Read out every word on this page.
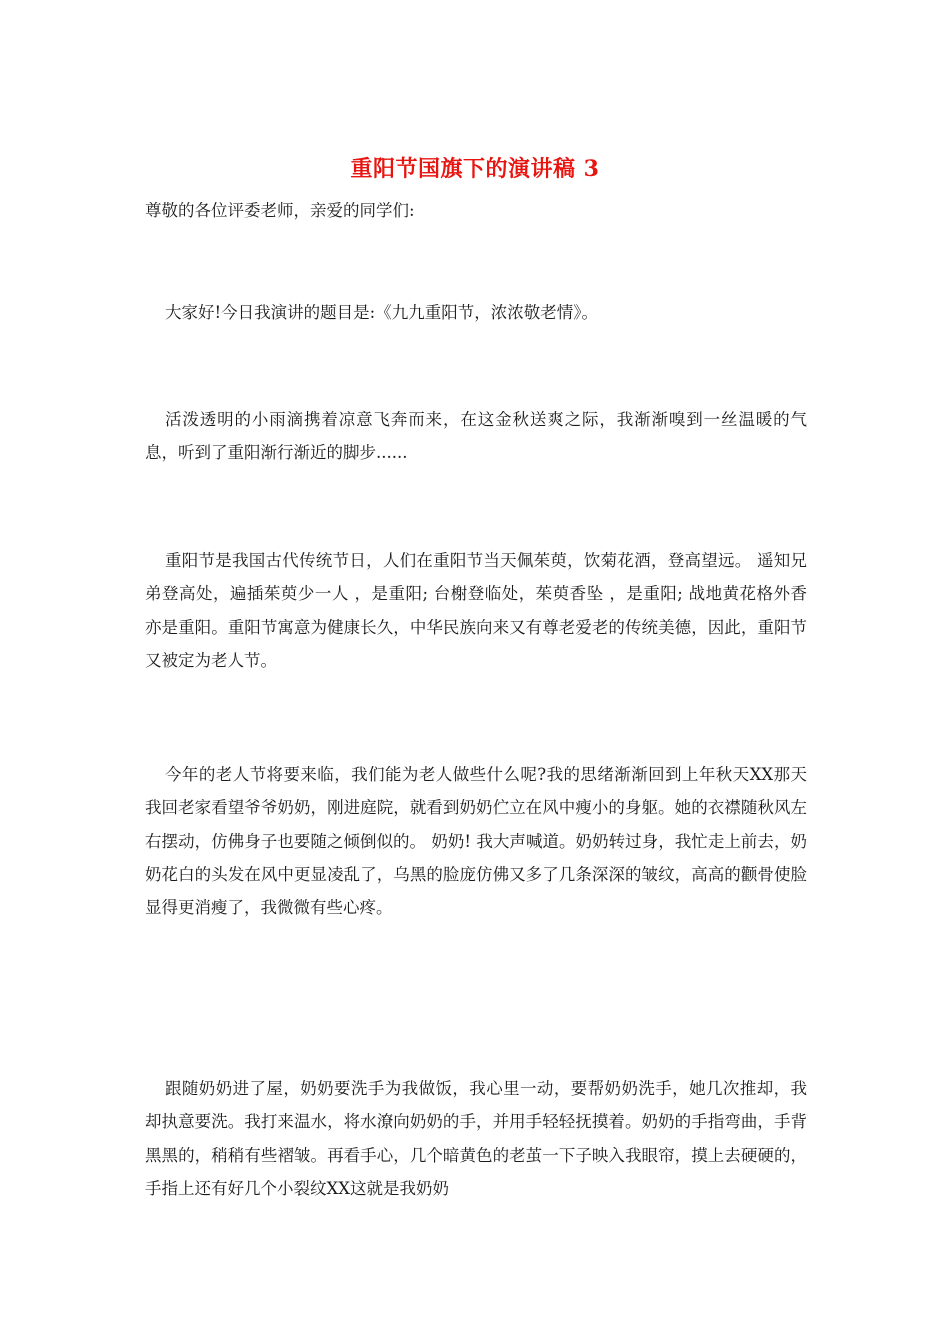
重阳节国旗下的演讲稿 3
尊敬的各位评委老师，亲爱的同学们:

大家好!今日我演讲的题目是:《九九重阳节，浓浓敬老情》。

活泼透明的小雨滴携着凉意飞奔而来，在这金秋送爽之际，我渐渐嗅到一丝温暖的气息，听到了重阳渐行渐近的脚步......

重阳节是我国古代传统节日，人们在重阳节当天佩茱萸，饮菊花酒，登高望远。 遥知兄弟登高处，遍插茱萸少一人 ，是重阳; 台榭登临处，茱萸香坠 ，是重阳; 战地黄花格外香 亦是重阳。重阳节寓意为健康长久，中华民族向来又有尊老爱老的传统美德，因此，重阳节又被定为老人节。

今年的老人节将要来临，我们能为老人做些什么呢?我的思绪渐渐回到上年秋天XX那天我回老家看望爷爷奶奶，刚进庭院，就看到奶奶伫立在风中瘦小的身躯。她的衣襟随秋风左右摆动，仿佛身子也要随之倾倒似的。 奶奶! 我大声喊道。奶奶转过身，我忙走上前去，奶奶花白的头发在风中更显凌乱了，乌黑的脸庞仿佛又多了几条深深的皱纹，高高的颧骨使脸显得更消瘦了，我微微有些心疼。

跟随奶奶进了屋，奶奶要洗手为我做饭，我心里一动，要帮奶奶洗手，她几次推却，我却执意要洗。我打来温水，将水潦向奶奶的手，并用手轻轻抚摸着。奶奶的手指弯曲，手背黑黑的，稍稍有些褶皱。再看手心，几个暗黄色的老茧一下子映入我眼帘，摸上去硬硬的，手指上还有好几个小裂纹XX这就是我奶奶
